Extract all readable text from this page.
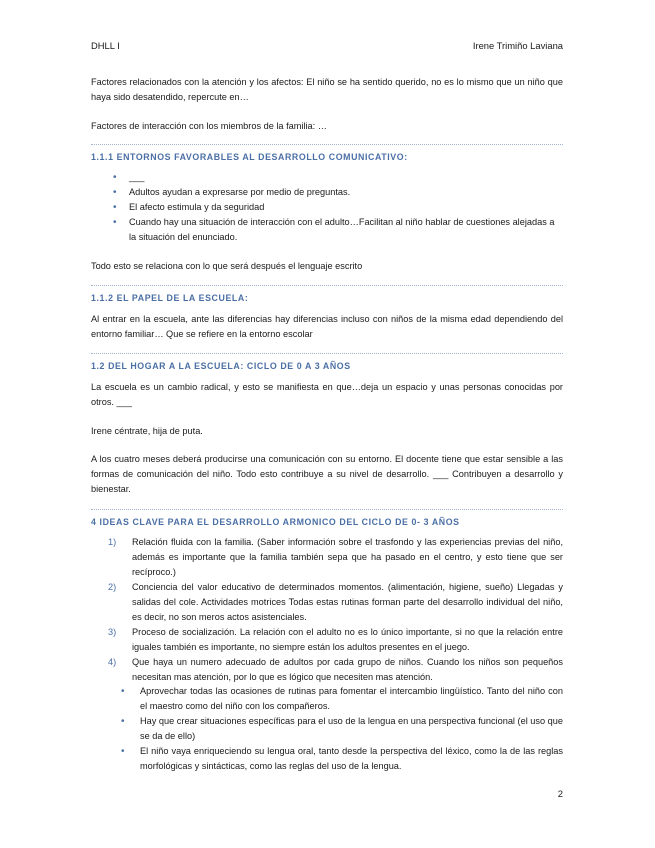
DHLL I	Irene Trimiño Laviana

Factores relacionados con la atención y los afectos: El niño se ha sentido querido, no es lo mismo que un niño que haya sido desatendido, repercute en…

Factores de interacción con los miembros de la familia: …

1.1.1 ENTORNOS FAVORABLES AL DESARROLLO COMUNICATIVO:
• ___
• Adultos ayudan a expresarse por medio de preguntas.
• El afecto estimula y da seguridad
• Cuando hay una situación de interacción con el adulto…Facilitan al niño hablar de cuestiones alejadas a la situación del enunciado.

Todo esto se relaciona con lo que será después el lenguaje escrito

1.1.2 EL PAPEL DE LA ESCUELA:

Al entrar en la escuela, ante las diferencias hay diferencias incluso con niños de la misma edad dependiendo del entorno familiar… Que se refiere en la entorno escolar

1.2 DEL HOGAR A LA ESCUELA: CICLO DE 0 A 3 AÑOS

La escuela es un cambio radical, y esto se manifiesta en que…deja un espacio y unas personas conocidas por otros. ___

Irene céntrate, hija de puta.

A los cuatro meses deberá producirse una comunicación con su entorno. El docente tiene que estar sensible a las formas de comunicación del niño. Todo esto contribuye a su nivel de desarrollo. ___ Contribuyen a desarrollo y bienestar.

4 IDEAS CLAVE PARA EL DESARROLLO ARMONICO DEL CICLO DE 0- 3 AÑOS
1) Relación fluida con la familia. (Saber información sobre el trasfondo y las experiencias previas del niño, además es importante que la familia también sepa que ha pasado en el centro, y esto tiene que ser recíproco.)
2) Conciencia del valor educativo de determinados momentos. (alimentación, higiene, sueño) Llegadas y salidas del cole. Actividades motrices Todas estas rutinas forman parte del desarrollo individual del niño, es decir, no son meros actos asistenciales.
3) Proceso de socialización. La relación con el adulto no es lo único importante, si no que la relación entre iguales también es importante, no siempre están los adultos presentes en el juego.
4) Que haya un numero adecuado de adultos por cada grupo de niños. Cuando los niños son pequeños necesitan mas atención, por lo que es lógico que necesiten mas atención.
• Aprovechar todas las ocasiones de rutinas para fomentar el intercambio lingüístico. Tanto del niño con el maestro como del niño con los compañeros.
• Hay que crear situaciones específicas para el uso de la lengua en una perspectiva funcional (el uso que se da de ello)
• El niño vaya enriqueciendo su lengua oral, tanto desde la perspectiva del léxico, como la de las reglas morfológicas y sintácticas, como las reglas del uso de la lengua.
2
